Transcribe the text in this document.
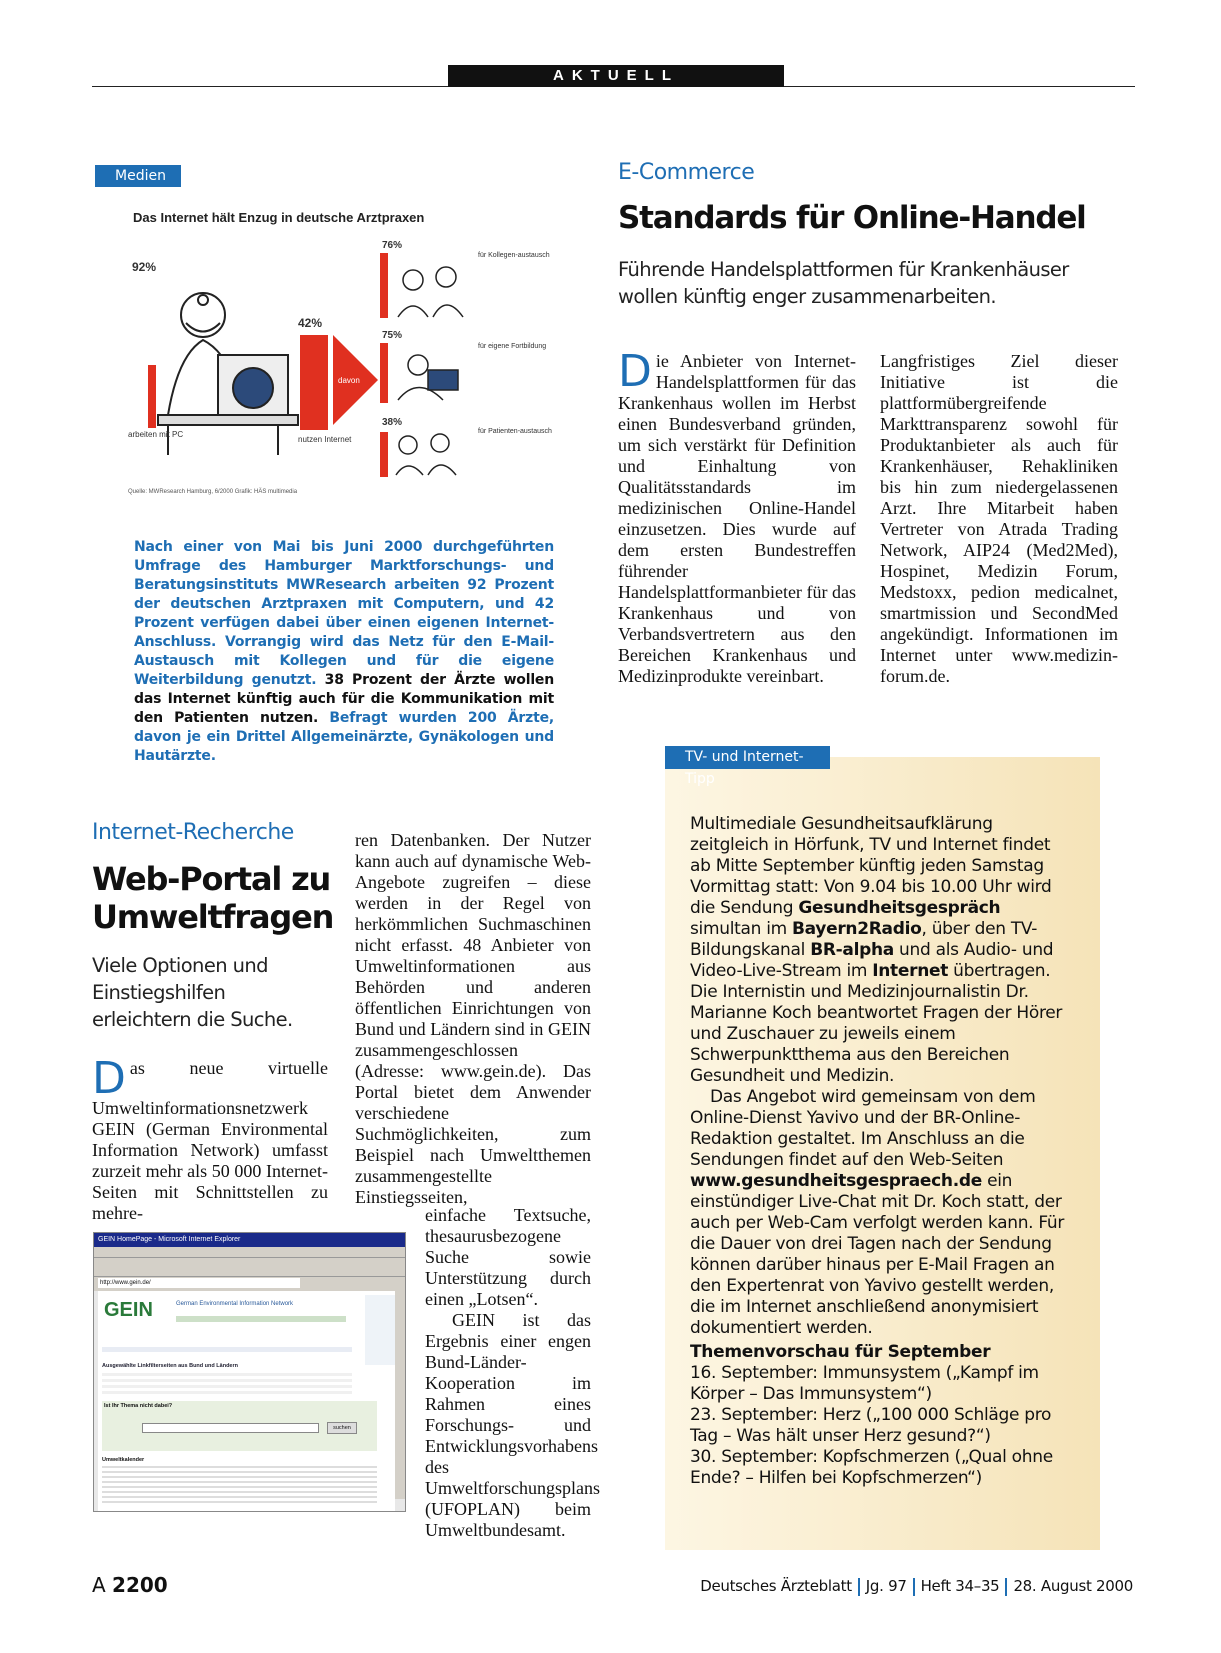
AKTUELL
Medien
Das Internet hält Enzug in deutsche Arztpraxen
92%
arbeiten mit PC
42%
nutzen Internet
davon
76%
für Kollegen-austausch
75%
für eigene Fortbildung
38%
für Patienten-austausch
Quelle: MWResearch Hamburg, 6/2000 Grafik: HÄS multimedia
Nach einer von Mai bis Juni 2000 durchgeführten Umfrage des Hamburger Marktforschungs- und Beratungsinstituts MWResearch arbeiten 92 Prozent der deutschen Arztpraxen mit Computern, und 42 Prozent verfügen dabei über einen eigenen Internet-Anschluss. Vorrangig wird das Netz für den E-Mail-Austausch mit Kollegen und für die eigene Weiterbildung genutzt. 38 Prozent der Ärzte wollen das Internet künftig auch für die Kommunikation mit den Patienten nutzen. Befragt wurden 200 Ärzte, davon je ein Drittel Allgemeinärzte, Gynäkologen und Hautärzte.
E-Commerce
Standards für Online-Handel
Führende Handelsplattformen für Krankenhäuser wollen künftig enger zusammenarbeiten.
Die Anbieter von Internet-Handelsplattformen für das Krankenhaus wollen im Herbst einen Bundesverband gründen, um sich verstärkt für Definition und Einhaltung von Qualitätsstandards im medizinischen Online-Handel einzusetzen. Dies wurde auf dem ersten Bundestreffen führender Handelsplattformanbieter für das Krankenhaus und von Verbandsvertretern aus den Bereichen Krankenhaus und Medizinprodukte vereinbart.
Langfristiges Ziel dieser Initiative ist die plattformübergreifende Markttransparenz sowohl für Produktanbieter als auch für Krankenhäuser, Rehakliniken bis hin zum niedergelassenen Arzt. Ihre Mitarbeit haben Vertreter von Atrada Trading Network, AIP24 (Med2Med), Hospinet, Medizin Forum, Medstoxx, pedion medicalnet, smartmission und SecondMed angekündigt. Informationen im Internet unter www.medizin-forum.de.
Internet-Recherche
Web-Portal zu
Umweltfragen
Viele Optionen und Einstiegshilfen erleichtern die Suche.
Das neue virtuelle Umweltinformationsnetzwerk GEIN (German Environmental Information Network) umfasst zurzeit mehr als 50 000 Internet-Seiten mit Schnittstellen zu mehre-
ren Datenbanken. Der Nutzer kann auch auf dynamische Web-Angebote zugreifen – diese werden in der Regel von herkömmlichen Suchmaschinen nicht erfasst. 48 Anbieter von Umweltinformationen aus Behörden und anderen öffentlichen Einrichtungen von Bund und Ländern sind in GEIN zusammengeschlossen (Adresse: www.gein.de). Das Portal bietet dem Anwender verschiedene Suchmöglichkeiten, zum Beispiel nach Umweltthemen zusammengestellte Einstiegsseiten,
einfache Textsuche, thesaurusbezogene Suche sowie Unterstützung durch einen „Lotsen“.
GEIN ist das Ergebnis einer engen Bund-Länder-Kooperation im Rahmen eines Forschungs- und Entwicklungsvorhabens des Umweltforschungsplans (UFOPLAN) beim Umweltbundesamt.
GEIN HomePage - Microsoft Internet Explorer
http://www.gein.de/
GEIN	German Environmental Information Network
Ausgewählte Linkfilterseiten aus Bund und Ländern
Ist Ihr Thema nicht dabei?
suchen
Umweltkalender
TV- und Internet-Tipp

Multimediale Gesundheitsaufklärung zeitgleich in Hörfunk, TV und Internet findet ab Mitte September künftig jeden Samstag Vormittag statt: Von 9.04 bis 10.00 Uhr wird die Sendung Gesundheitsgespräch simultan im Bayern2Radio, über den TV-Bildungskanal BR-alpha und als Audio- und Video-Live-Stream im Internet übertragen. Die Internistin und Medizinjournalistin Dr. Marianne Koch beantwortet Fragen der Hörer und Zuschauer zu jeweils einem Schwerpunktthema aus den Bereichen Gesundheit und Medizin.

Das Angebot wird gemeinsam von dem Online-Dienst Yavivo und der BR-Online-Redaktion gestaltet. Im Anschluss an die Sendungen findet auf den Web-Seiten www.gesundheitsgespraech.de ein einstündiger Live-Chat mit Dr. Koch statt, der auch per Web-Cam verfolgt werden kann. Für die Dauer von drei Tagen nach der Sendung können darüber hinaus per E-Mail Fragen an den Expertenrat von Yavivo gestellt werden, die im Internet anschließend anonymisiert dokumentiert werden.

Themenvorschau für September

16. September: Immunsystem („Kampf im Körper – Das Immunsystem“)

23. September: Herz („100 000 Schläge pro Tag – Was hält unser Herz gesund?“)

30. September: Kopfschmerzen („Qual ohne Ende? – Hilfen bei Kopfschmerzen“)

A 2200	Deutsches Ärzteblatt Jg. 97 Heft 34–35 28. August 2000
